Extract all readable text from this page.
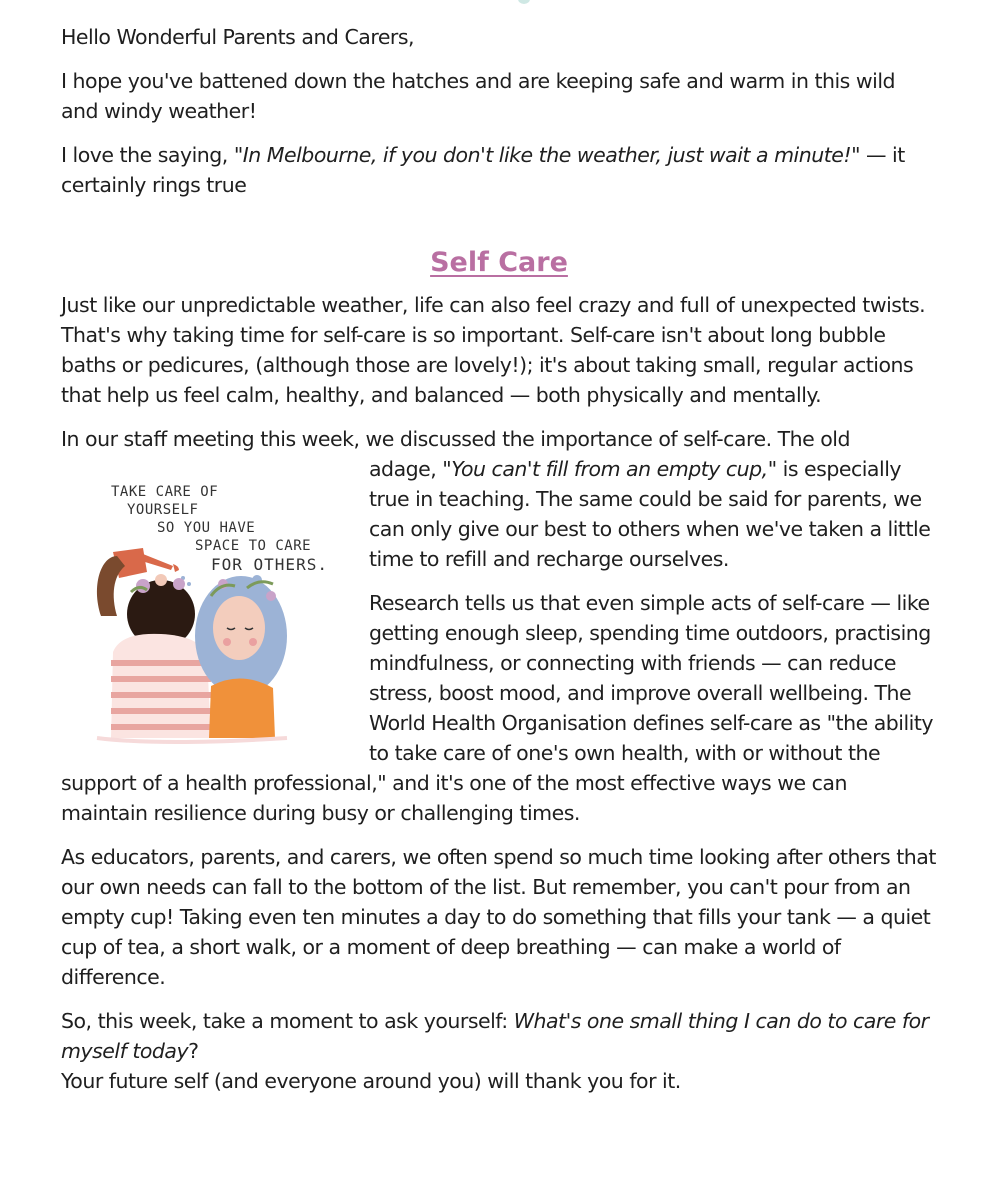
Hello Wonderful Parents and Carers,

I hope you've battened down the hatches and are keeping safe and warm in this wild and windy weather!

I love the saying, "In Melbourne, if you don't like the weather, just wait a minute!" — it certainly rings true

Self Care

Just like our unpredictable weather, life can also feel crazy and full of unexpected twists. That's why taking time for self-care is so important. Self-care isn't about long bubble baths or pedicures, (although those are lovely!); it's about taking small, regular actions that help us feel calm, healthy, and balanced — both physically and mentally.

In our staff meeting this week, we discussed the importance of self-care. The old
TAKE CARE OF
YOURSELF
SO YOU HAVE
SPACE TO CARE
FOR OTHERS.
adage, "You can't fill from an empty cup," is especially true in teaching. The same could be said for parents, we can only give our best to others when we've taken a little time to refill and recharge ourselves.

Research tells us that even simple acts of self-care — like getting enough sleep, spending time outdoors, practising mindfulness, or connecting with friends — can reduce stress, boost mood, and improve overall wellbeing. The World Health Organisation defines self-care as "the ability to take care of one's own health, with or without the support of a health professional," and it's one of the most effective ways we can maintain resilience during busy or challenging times.

As educators, parents, and carers, we often spend so much time looking after others that our own needs can fall to the bottom of the list. But remember, you can't pour from an empty cup! Taking even ten minutes a day to do something that fills your tank — a quiet cup of tea, a short walk, or a moment of deep breathing — can make a world of difference.

So, this week, take a moment to ask yourself: What's one small thing I can do to care for myself today?
Your future self (and everyone around you) will thank you for it.
